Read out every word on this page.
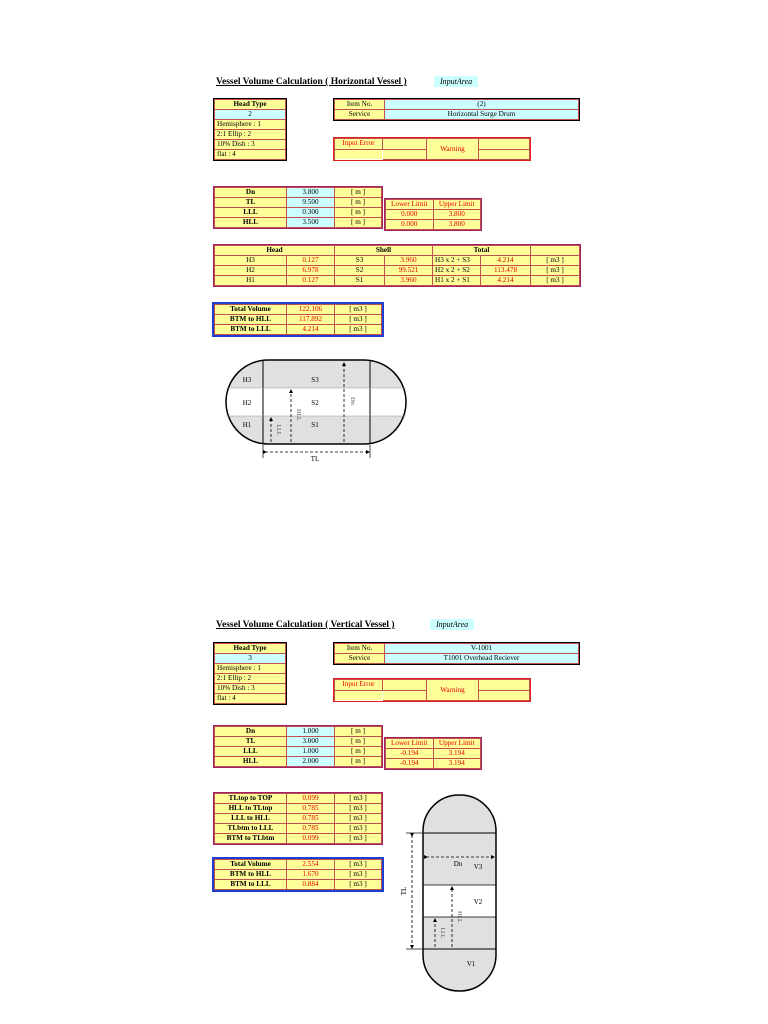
Vessel Volume Calculation ( Horizontal Vessel )	InputArea
Head Type
2
Hemisphere : 1
2:1 Ellip : 2
10% Dish : 3
flat : 4
Item No.	(2)
Service	Horizontal Surge Drum
Input Error		Warning	

Dn	3.800	[ m ]
TL	9.500	[ m ]
LLL	0.300	[ m ]
HLL	3.500	[ m ]
Lower Limit	Upper Limit
0.000	3.800
0.000	3.800
Head		Shell		Total		
H3	0.127	S3	3.960	H3 x 2 + S3	4.214	[ m3 ]
H2	6.978	S2	99.521	H2 x 2 + S2	113.478	[ m3 ]
H1	0.127	S1	3.960	H1 x 2 + S1	4.214	[ m3 ]
Total Volume	122.106	[ m3 ]
BTM to HLL	117.892	[ m3 ]
BTM to LLL	4.214	[ m3 ]
H3
H2
H1
S3
S2
S1
Dn
HLL
LLL
TL
Vessel Volume Calculation ( Vertical Vessel )	InputArea
Head Type
3
Hemisphere : 1
2:1 Ellip : 2
10% Dish : 3
flat : 4
Item No.	V-1001
Service	T1001 Overhead Reciever
Input Error		Warning	

Dn	1.000	[ m ]
TL	3.000	[ m ]
LLL	1.000	[ m ]
HLL	2.000	[ m ]
Lower Limit	Upper Limit
-0.194	3.194
-0.194	3.194
TLtop to TOP	0.099	[ m3 ]
HLL to TLtop	0.785	[ m3 ]
LLL to HLL	0.785	[ m3 ]
TLbtm to LLL	0.785	[ m3 ]
BTM to TLbtm	0.099	[ m3 ]
Total Volume	2.554	[ m3 ]
BTM to HLL	1.670	[ m3 ]
BTM to LLL	0.884	[ m3 ]
Dn V3
V2
V1
TL
HLL
LLL
